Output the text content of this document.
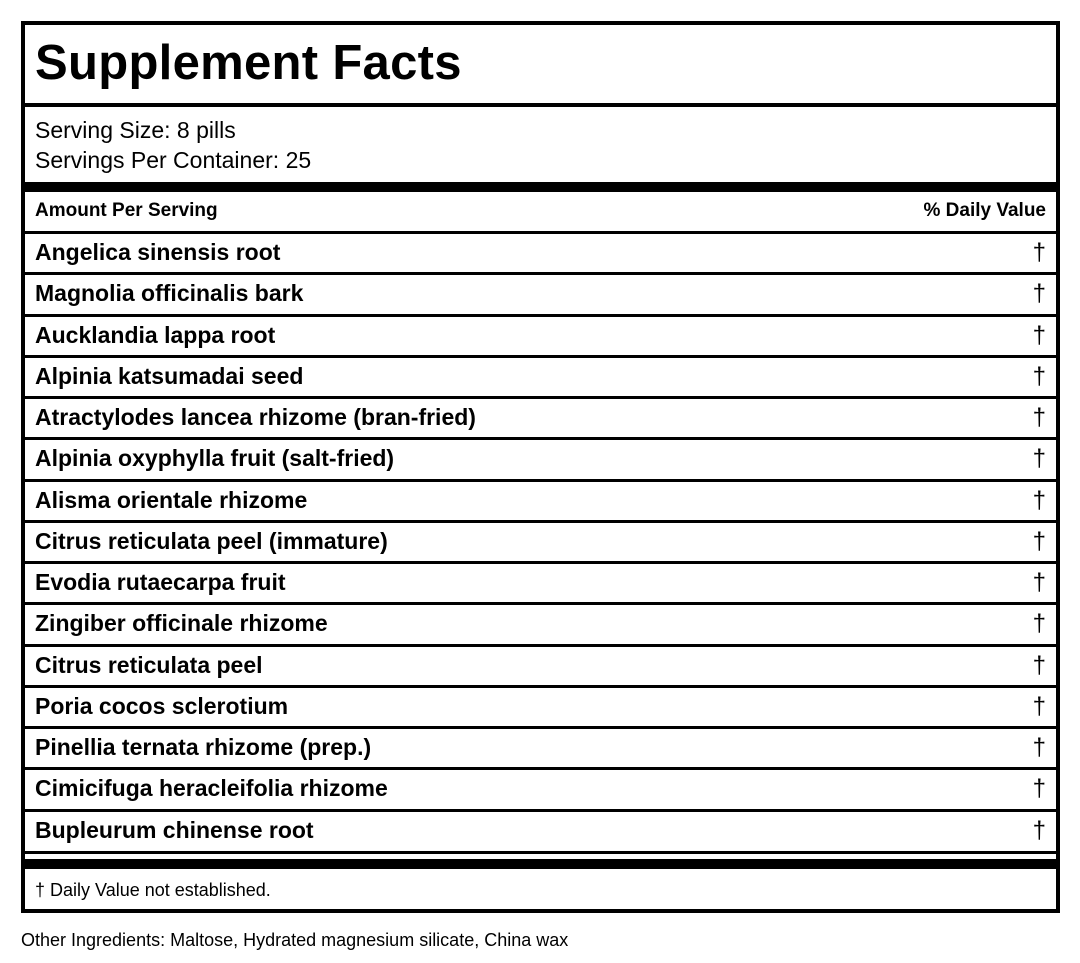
Supplement Facts
Serving Size: 8 pills
Servings Per Container: 25
Amount Per Serving	% Daily Value
Angelica sinensis root	†
Magnolia officinalis bark	†
Aucklandia lappa root	†
Alpinia katsumadai seed	†
Atractylodes lancea rhizome (bran-fried)	†
Alpinia oxyphylla fruit (salt-fried)	†
Alisma orientale rhizome	†
Citrus reticulata peel (immature)	†
Evodia rutaecarpa fruit	†
Zingiber officinale rhizome	†
Citrus reticulata peel	†
Poria cocos sclerotium	†
Pinellia ternata rhizome (prep.)	†
Cimicifuga heracleifolia rhizome	†
Bupleurum chinense root	†
† Daily Value not established.
Other Ingredients: Maltose, Hydrated magnesium silicate, China wax
